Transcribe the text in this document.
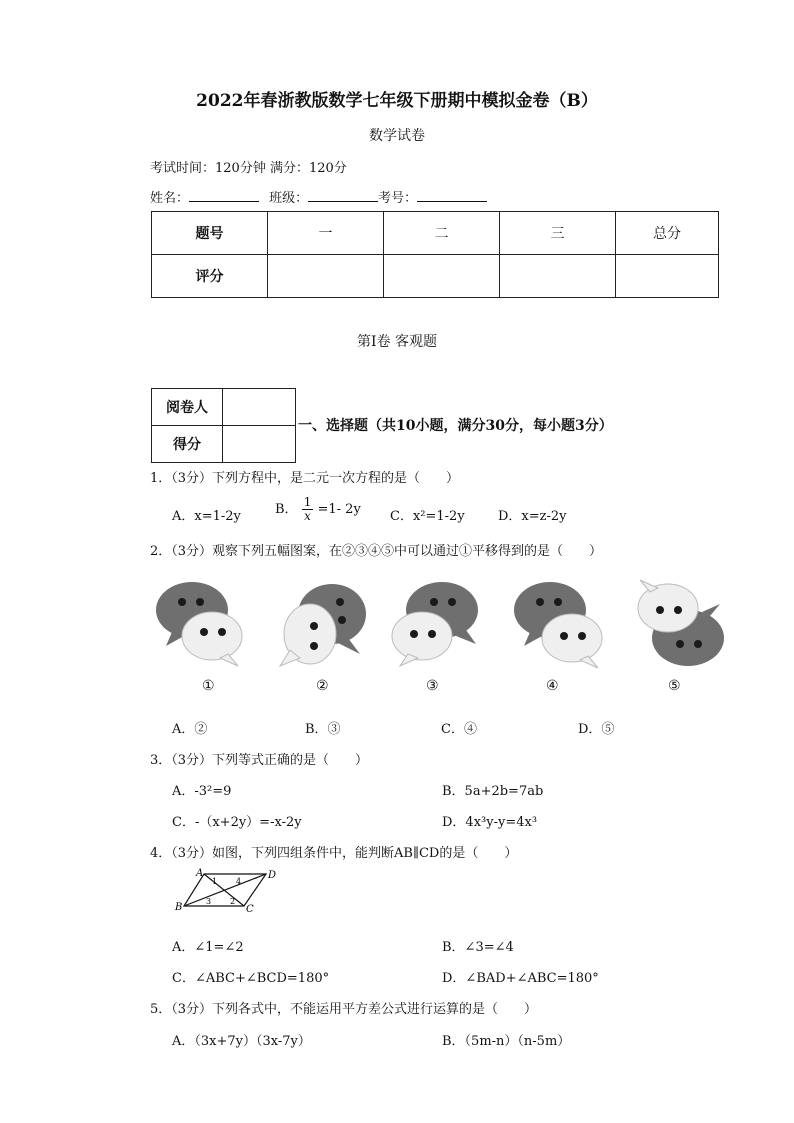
2022年春浙教版数学七年级下册期中模拟金卷（B）
数学试卷
考试时间：120分钟 满分：120分
姓名：	班级：	考号：
题号	一	二	三	总分
评分				
第Ⅰ卷 客观题
阅卷人	
得分	
一、选择题（共10小题，满分30分，每小题3分）
1．（3分）下列方程中，是二元一次方程的是（　　）
A．x=1-2y	B． $\frac{1}{x} =1-$ 2y C．x²=1-2y	D．x=z-2y
2．（3分）观察下列五幅图案，在②③④⑤中可以通过①平移得到的是（　　）
①	②	③	④	⑤
A．②	B．③	C．④	D．⑤
3．（3分）下列等式正确的是（　　）
A．-3²=9	B．5a+2b=7ab
C．-（x+2y）=-x-2y	D．4x³y-y=4x³
4．（3分）如图，下列四组条件中，能判断AB∥CD的是（　　）
A	D
B	C
1 4
3 2
A．∠1=∠2	B．∠3=∠4
C．∠ABC+∠BCD=180°	D．∠BAD+∠ABC=180°
5．（3分）下列各式中，不能运用平方差公式进行运算的是（　　）
A．（3x+7y）（3x-7y）	B．（5m-n）（n-5m）
